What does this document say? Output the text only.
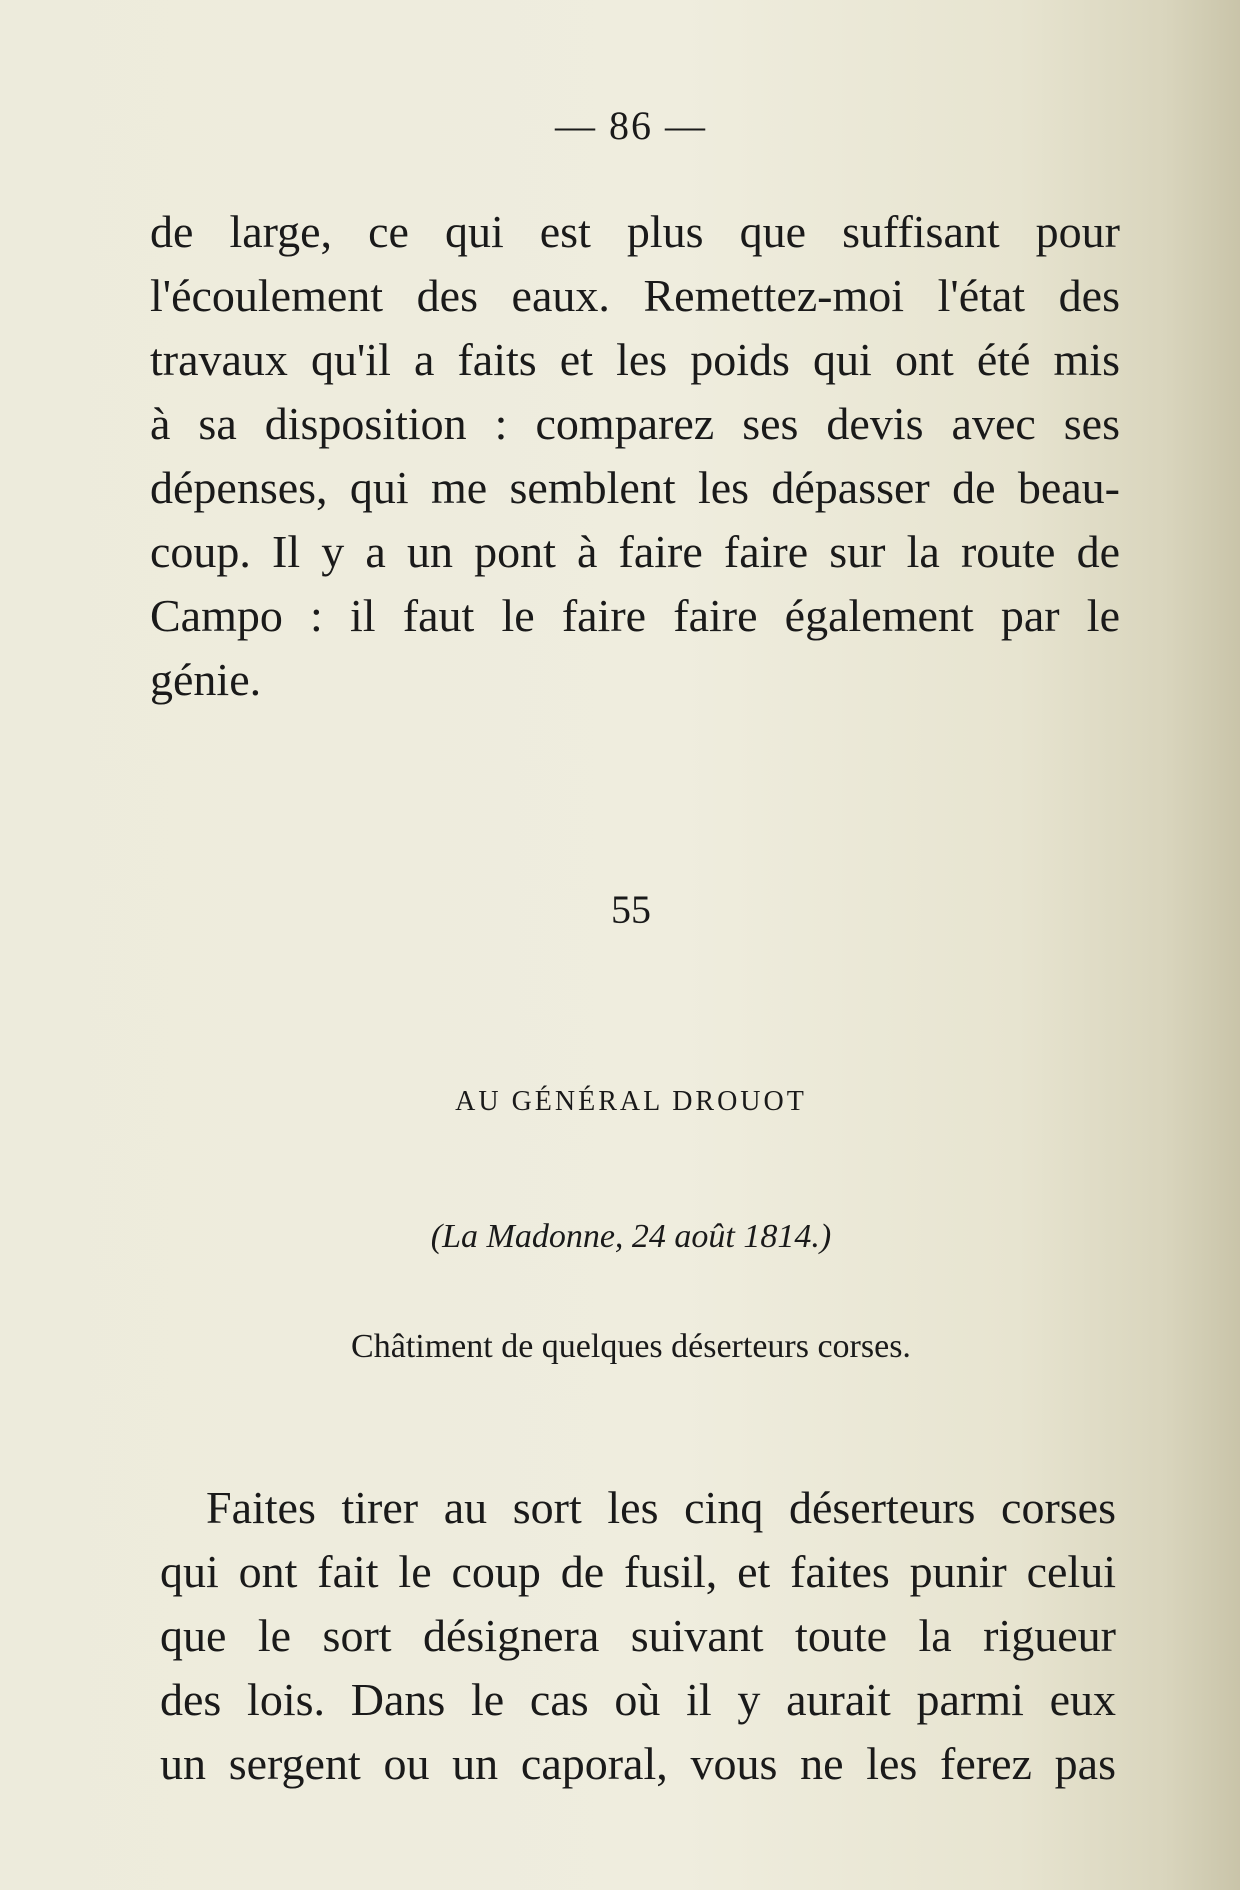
— 86 —
de large, ce qui est plus que suffisant pour
l'écoulement des eaux. Remettez-moi l'état des
travaux qu'il a faits et les poids qui ont été mis
à sa disposition : comparez ses devis avec ses
dépenses, qui me semblent les dépasser de beau-
coup. Il y a un pont à faire faire sur la route de
Campo : il faut le faire faire également par le
génie.
55
AU GÉNÉRAL DROUOT
(La Madonne, 24 août 1814.)
Châtiment de quelques déserteurs corses.
Faites tirer au sort les cinq déserteurs corses
qui ont fait le coup de fusil, et faites punir celui
que le sort désignera suivant toute la rigueur
des lois. Dans le cas où il y aurait parmi eux
un sergent ou un caporal, vous ne les ferez pas
